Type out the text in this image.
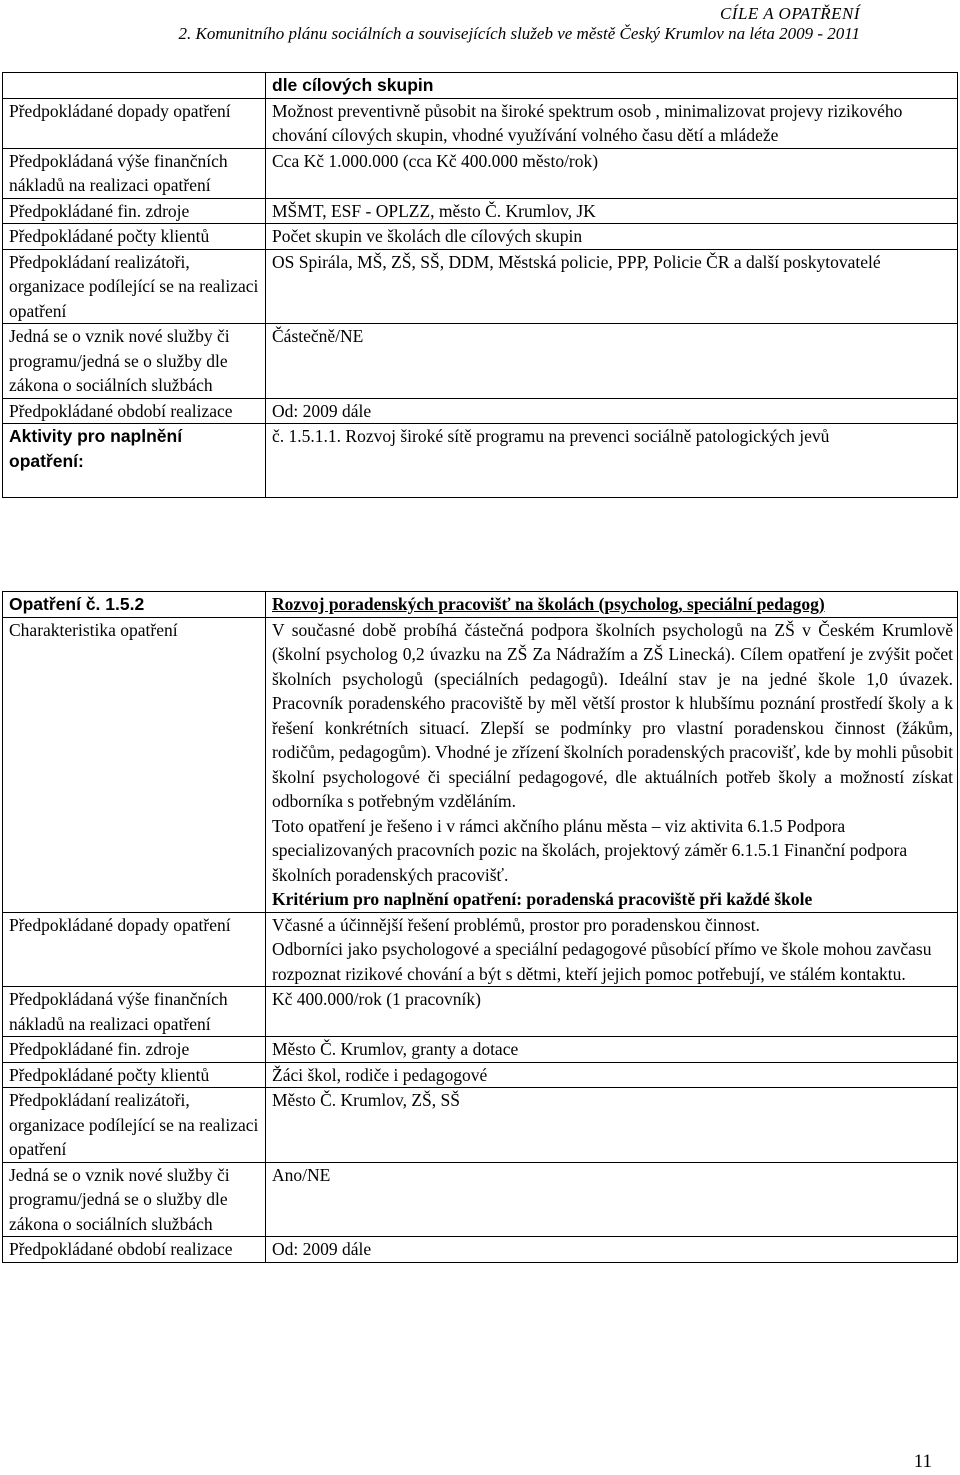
CÍLE A OPATŘENÍ
2. Komunitního plánu sociálních a souvisejících služeb ve městě Český Krumlov na léta 2009 - 2011
	dle cílových skupin
Předpokládané dopady opatření	Možnost preventivně působit na široké spektrum osob , minimalizovat projevy rizikového chování cílových skupin, vhodné využívání volného času dětí a mládeže
Předpokládaná výše finančních nákladů na realizaci opatření	Cca Kč 1.000.000 (cca Kč 400.000 město/rok)
Předpokládané fin. zdroje	MŠMT, ESF - OPLZZ, město Č. Krumlov, JK
Předpokládané počty klientů	Počet skupin ve školách dle cílových skupin
Předpokládaní realizátoři, organizace podílející se na realizaci opatření	OS Spirála, MŠ, ZŠ, SŠ, DDM, Městská policie, PPP, Policie ČR a další poskytovatelé
Jedná se o vznik nové služby či programu/jedná se o služby dle zákona o sociálních službách	Částečně/NE
Předpokládané období realizace	Od: 2009 dále
Aktivity pro naplnění opatření:	č. 1.5.1.1. Rozvoj široké sítě programu na prevenci sociálně patologických jevů
Opatření č. 1.5.2	Rozvoj poradenských pracovišť na školách (psycholog, speciální pedagog)
Charakteristika opatření	V současné době probíhá částečná podpora školních psychologů na ZŠ v Českém Krumlově (školní psycholog 0,2 úvazku na ZŠ Za Nádražím a ZŠ Linecká). Cílem opatření je zvýšit počet školních psychologů (speciálních pedagogů). Ideální stav je na jedné škole 1,0 úvazek. Pracovník poradenského pracoviště by měl větší prostor k hlubšímu poznání prostředí školy a k řešení konkrétních situací. Zlepší se podmínky pro vlastní poradenskou činnost (žákům, rodičům, pedagogům). Vhodné je zřízení školních poradenských pracovišť, kde by mohli působit školní psychologové či speciální pedagogové, dle aktuálních potřeb školy a možností získat odborníka s potřebným vzděláním.
Toto opatření je řešeno i v rámci akčního plánu města – viz aktivita 6.1.5 Podpora specializovaných pracovních pozic na školách, projektový záměr 6.1.5.1 Finanční podpora školních poradenských pracovišť.
Kritérium pro naplnění opatření: poradenská pracoviště při každé škole

Předpokládané dopady opatření	Včasné a účinnější řešení problémů, prostor pro poradenskou činnost.
Odborníci jako psychologové a speciální pedagogové působící přímo ve škole mohou zavčasu rozpoznat rizikové chování a být s dětmi, kteří jejich pomoc potřebují, ve stálém kontaktu.

Předpokládaná výše finančních nákladů na realizaci opatření	Kč 400.000/rok (1 pracovník)
Předpokládané fin. zdroje	Město Č. Krumlov, granty a dotace
Předpokládané počty klientů	Žáci škol, rodiče i pedagogové
Předpokládaní realizátoři, organizace podílející se na realizaci opatření	Město Č. Krumlov, ZŠ, SŠ
Jedná se o vznik nové služby či programu/jedná se o služby dle zákona o sociálních službách	Ano/NE
Předpokládané období realizace	Od: 2009 dále
11
